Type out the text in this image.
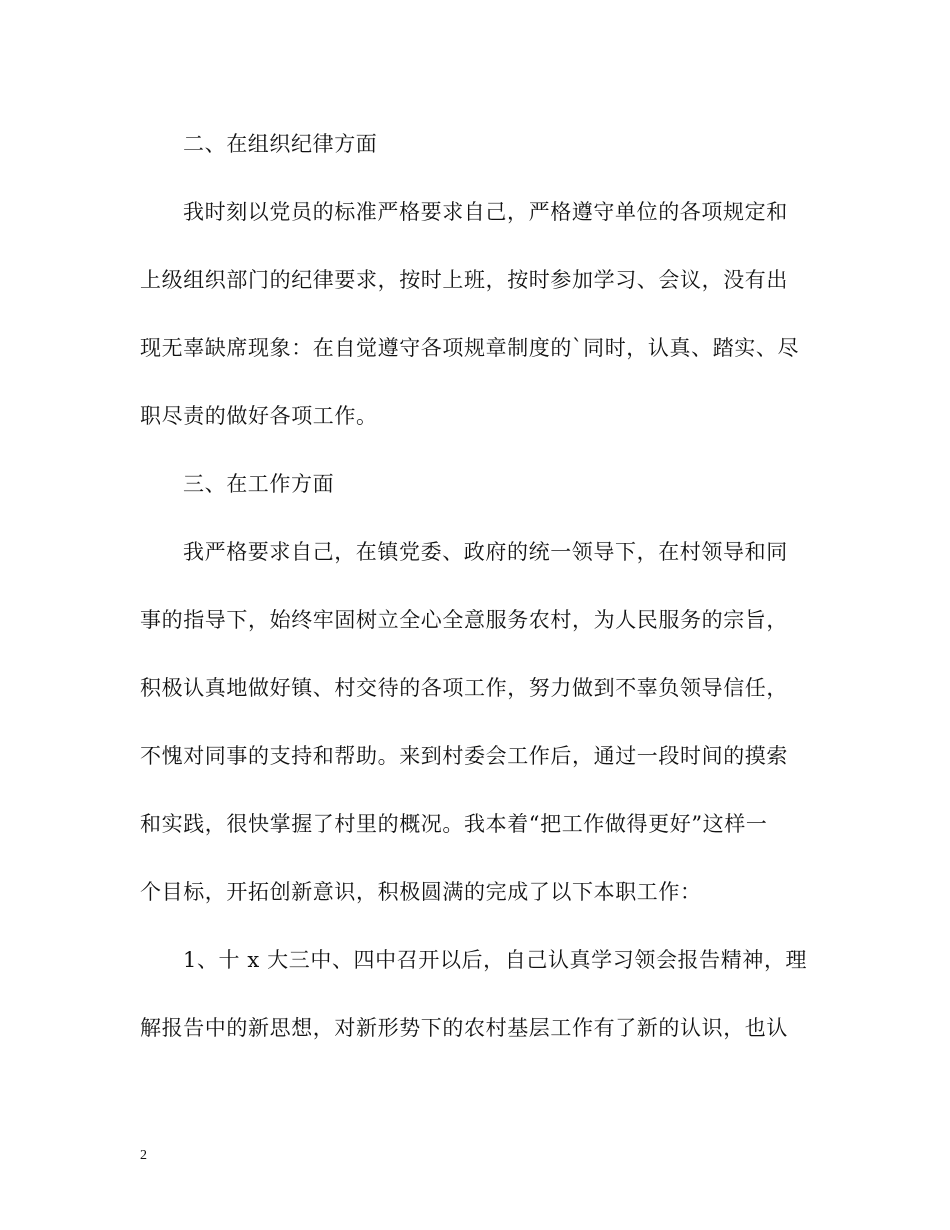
二、在组织纪律方面
我时刻以党员的标准严格要求自己，严格遵守单位的各项规定和
上级组织部门的纪律要求，按时上班，按时参加学习、会议，没有出
现无辜缺席现象：在自觉遵守各项规章制度的`同时，认真、踏实、尽
职尽责的做好各项工作。
三、在工作方面
我严格要求自己，在镇党委、政府的统一领导下，在村领导和同
事的指导下，始终牢固树立全心全意服务农村，为人民服务的宗旨，
积极认真地做好镇、村交待的各项工作，努力做到不辜负领导信任，
不愧对同事的支持和帮助。来到村委会工作后，通过一段时间的摸索
和实践，很快掌握了村里的概况。我本着“把工作做得更好”这样一
个目标，开拓创新意识，积极圆满的完成了以下本职工作：
1、十 x 大三中、四中召开以后，自己认真学习领会报告精神，理
解报告中的新思想，对新形势下的农村基层工作有了新的认识，也认
2
